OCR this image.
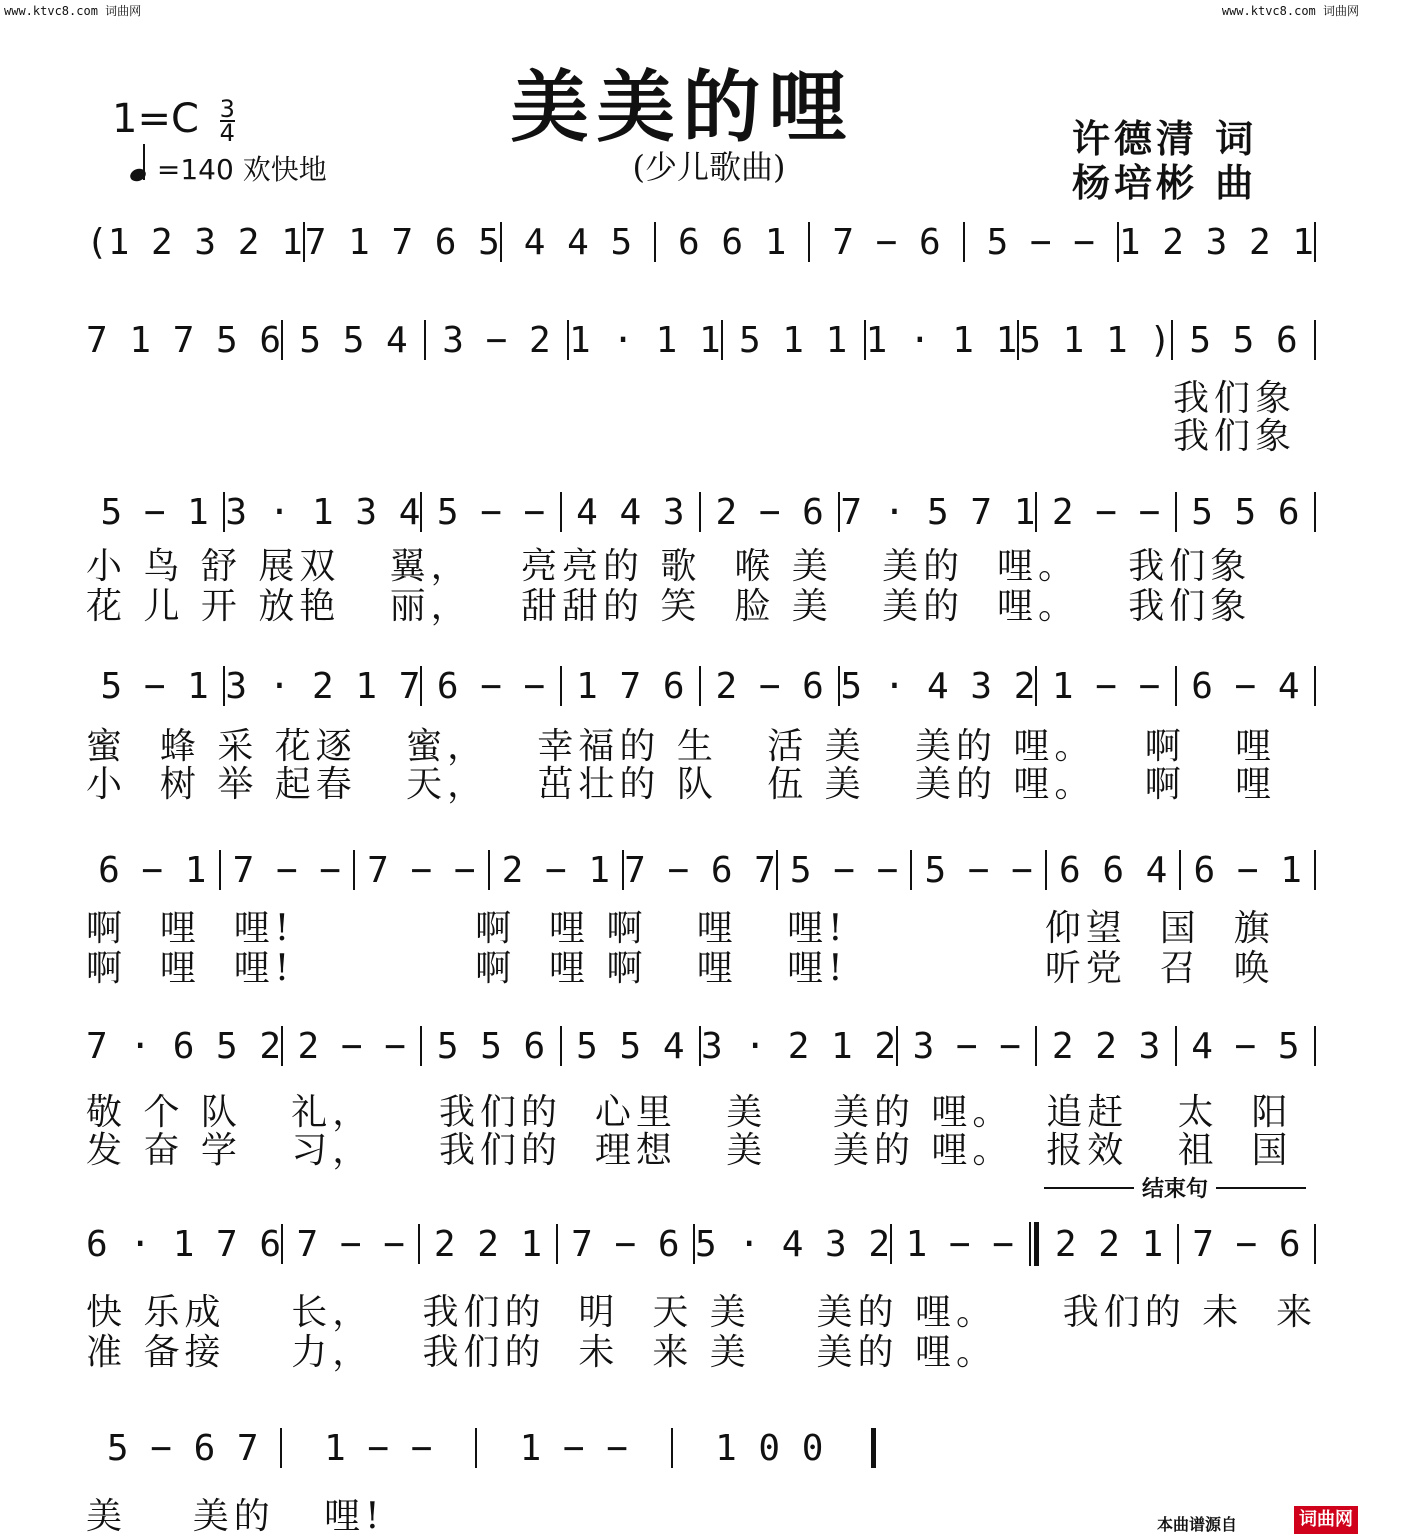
www.ktvc8.com 词曲网	www.ktvc8.com 词曲网
美美的哩
(少儿歌曲)
$1=C \frac{3}{4}$
=140 欢快地
许德清 词
杨培彬 曲
( 1 2 3 2 1 7 1 7 6 5 4 4 5	6 6 1	7 − 6	5 − − 1 2 3 2 1
7 1 7 5 6 5 5 4 3 − 2 1 · 1 1 5 1 1 1 · 1 1 5 1 1 ) 5 5 6
5 − 1 3 · 1 3 4 5 − − 4 4 3 2 − 6 7 · 5 7 1 2 − − 5 5 6
5 − 1 3 · 2 1 7 6 − − 1 7 6 2 − 6 5 · 4 3 2 1 − − 6 − 4
6 − 1 7 − − 7 − − 2 − 1 7 − 6 7 5 − − 5 − − 6 6 4 6 − 1
7 · 6 5 2 2 − − 5 5 6 5 5 4 3 · 2 1 2 3 − − 2 2 3 4 − 5
6 · 1 7 6 7 − − 2 2 1 7 − 6 5 · 4 3 2 1 − −	2 2 1 7 − 6
5 − 6 7	1 − −	1 − −	1 0 0
我们象
我们象
小 鸟 舒 展双   翼，   亮亮的 歌  喉 美   美的  哩。   我们象
花 儿 开 放艳   丽，   甜甜的 笑  脸 美   美的  哩。   我们象
蜜  蜂 采 花逐   蜜，   幸福的 生   活 美   美的 哩。   啊   哩
小  树 举 起春   天，   茁壮的 队   伍 美   美的 哩。   啊   哩
啊  哩  哩!           啊  哩 啊   哩   哩!            仰望  国  旗
啊  哩  哩!           啊  哩 啊   哩   哩!            听党  召  唤
敬 个 队   礼，    我们的  心里   美    美的 哩。  追赶   太  阳
发 奋 学   习，    我们的  理想   美    美的 哩。  报效   祖  国
结束句
快 乐成    长，   我们的  明  天 美    美的 哩。    我们的 未  来
准 备接    力，   我们的  未  来 美    美的 哩。
美    美的   哩!	本曲谱源自	词曲网
